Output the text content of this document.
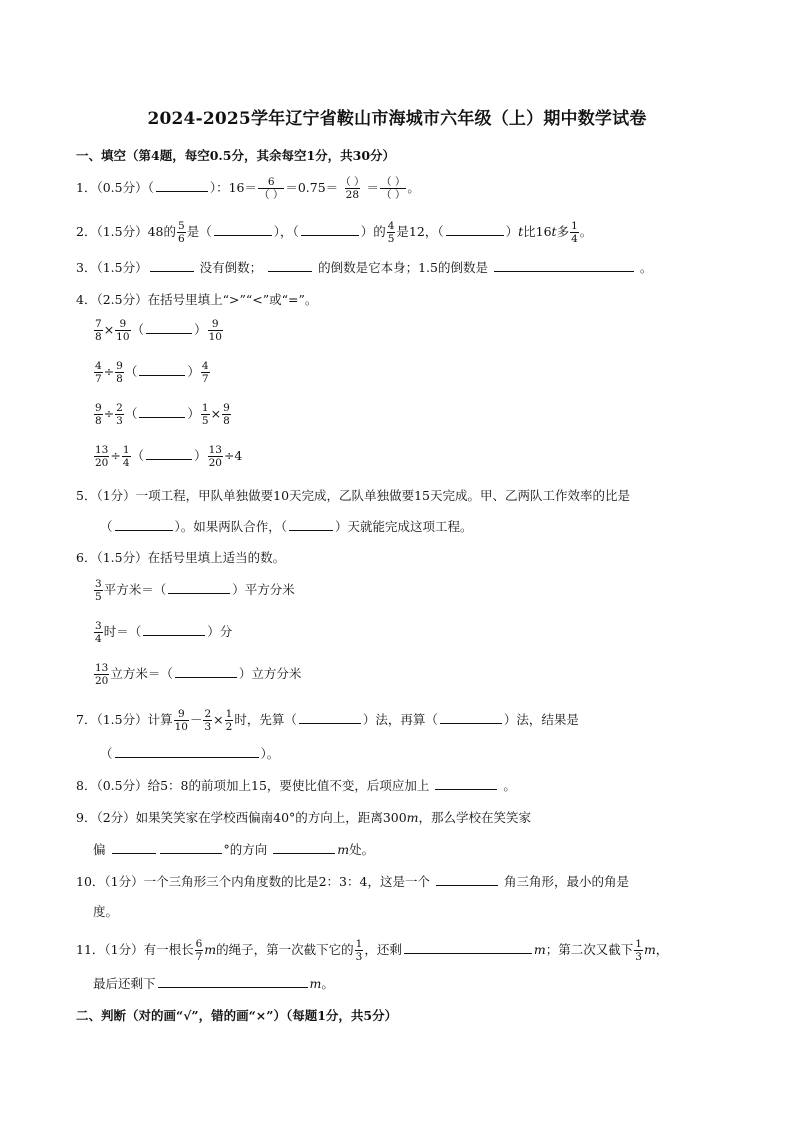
2024-2025学年辽宁省鞍山市海城市六年级（上）期中数学试卷
一、填空（第4题，每空0.5分，其余每空1分，共30分）
1．（0.5分）（	）：$16= \frac{6}{( )} =0.75= \frac{( )}{28} = \frac{( )}{( )}$ 。
2．（1.5分）48的 $\frac{5}{6}$ 是（	），（	）的 $\frac{4}{5}$ 是12，（	）t比16t多 $\frac{1}{4}$ 。
3．（1.5分）	没有倒数；	的倒数是它本身；1.5的倒数是	。
4．（2.5分）在括号里填上“>”“<”或“=”。
$\frac{7}{8} \times \frac{9}{10}$ （	） $\frac{9}{10}$
$\frac{4}{7} \div \frac{9}{8}$ （	） $\frac{4}{7}$
$\frac{9}{8} \div \frac{2}{3}$ （	） $\frac{1}{5} \times \frac{9}{8}$
$\frac{13}{20} \div \frac{1}{4}$ （	） $\frac{13}{20} \div 4$
5．（1分）一项工程，甲队单独做要10天完成，乙队单独做要15天完成。甲、乙两队工作效率的比是
（	）。如果两队合作，（	）天就能完成这项工程。
6．（1.5分）在括号里填上适当的数。
$\frac{3}{5}$ 平方米＝（	）平方分米
$\frac{3}{4}$ 时＝（	）分
$\frac{13}{20}$ 立方米＝（	）立方分米
7．（1.5分）计算 $\frac{9}{10} - \frac{2}{3} \times \frac{1}{2}$ 时，先算（	）法，再算（	）法，结果是
（	）。
8．（0.5分）给5：8的前项加上15，要使比值不变，后项应加上	。
9．（2分）如果笑笑家在学校西偏南40°的方向上，距离300m，那么学校在笑笑家
偏	°的方向	m处。
10．（1分）一个三角形三个内角度数的比是2：3：4，这是一个	角三角形，最小的角是
度。
11．（1分）有一根长 $\frac{6}{7}$ m的绳子，第一次截下它的 $\frac{1}{3}$ ，还剩	m；第二次又截下 $\frac{1}{3}$ m，
最后还剩下	m。
二、判断（对的画“√”，错的画“×”）（每题1分，共5分）
